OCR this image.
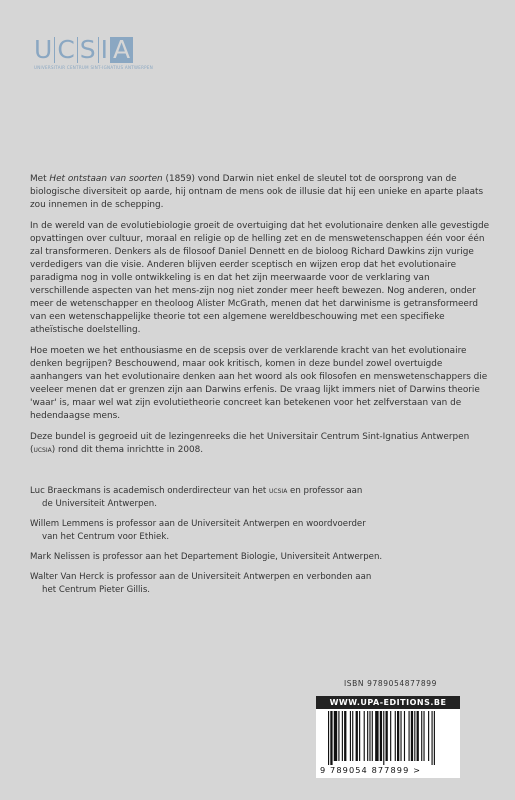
U C S I A
UNIVERSITAIR CENTRUM SINT-IGNATIUS ANTWERPEN

Met Het ontstaan van soorten (1859) vond Darwin niet enkel de sleutel tot de oorsprong van de biologische diversiteit op aarde, hij ontnam de mens ook de illusie dat hij een unieke en aparte plaats zou innemen in de schepping.

In de wereld van de evolutiebiologie groeit de overtuiging dat het evolutionaire denken alle gevestigde opvattingen over cultuur, moraal en religie op de helling zet en de menswetenschappen één voor één zal transformeren. Denkers als de filosoof Daniel Dennett en de bioloog Richard Dawkins zijn vurige verdedigers van die visie. Anderen blijven eerder sceptisch en wijzen erop dat het evolutionaire paradigma nog in volle ontwikkeling is en dat het zijn meerwaarde voor de verklaring van verschillende aspecten van het mens-zijn nog niet zonder meer heeft bewezen. Nog anderen, onder meer de wetenschapper en theoloog Alister McGrath, menen dat het darwinisme is getransformeerd van een wetenschappelijke theorie tot een algemene wereldbeschouwing met een specifieke atheïstische doelstelling.

Hoe moeten we het enthousiasme en de scepsis over de verklarende kracht van het evolutionaire denken begrijpen? Beschouwend, maar ook kritisch, komen in deze bundel zowel overtuigde aanhangers van het evolutionaire denken aan het woord als ook filosofen en menswetenschappers die veeleer menen dat er grenzen zijn aan Darwins erfenis. De vraag lijkt immers niet of Darwins theorie 'waar' is, maar wel wat zijn evolutietheorie concreet kan betekenen voor het zelfverstaan van de hedendaagse mens.

Deze bundel is gegroeid uit de lezingenreeks die het Universitair Centrum Sint-Ignatius Antwerpen (ucsia) rond dit thema inrichtte in 2008.

Luc Braeckmans is academisch onderdirecteur van het ucsia en professor aan
de Universiteit Antwerpen.
Willem Lemmens is professor aan de Universiteit Antwerpen en woordvoerder
van het Centrum voor Ethiek.
Mark Nelissen is professor aan het Departement Biologie, Universiteit Antwerpen.
Walter Van Herck is professor aan de Universiteit Antwerpen en verbonden aan
het Centrum Pieter Gillis.
ISBN 9789054877899
WWW.UPA-EDITIONS.BE
9 789054 877899 >
